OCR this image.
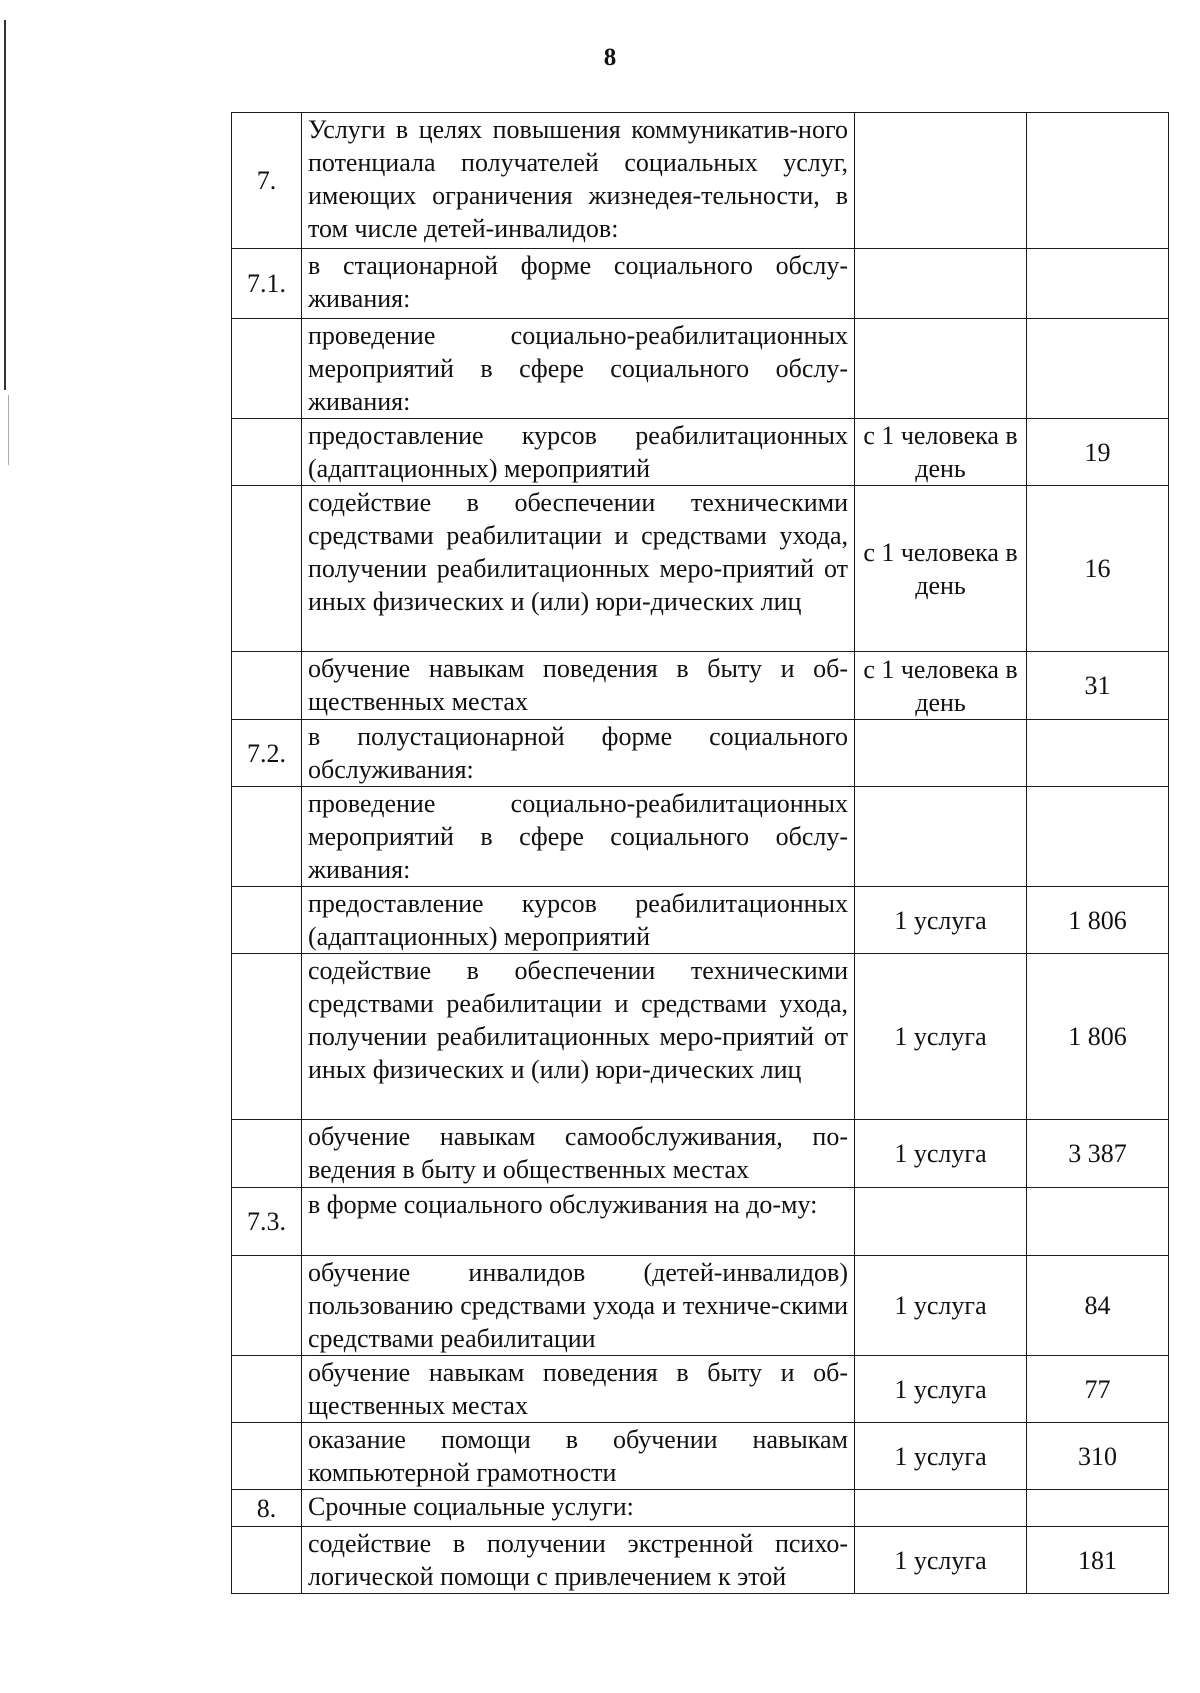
8
7.	Услуги в целях повышения коммуникатив-ного потенциала получателей социальных услуг, имеющих ограничения жизнедея-тельности, в том числе детей-инвалидов:		
7.1.	в стационарной форме социального обслу-живания:		
	проведение социально-реабилитационных мероприятий в сфере социального обслу-живания:		
	предоставление курсов реабилитационных (адаптационных) мероприятий	с 1 человека в день	19
	содействие в обеспечении техническими средствами реабилитации и средствами ухода, получении реабилитационных меро-приятий от иных физических и (или) юри-дических лиц	с 1 человека в день	16
	обучение навыкам поведения в быту и об-щественных местах	с 1 человека в день	31
7.2.	в полустационарной форме социального обслуживания:		
	проведение социально-реабилитационных мероприятий в сфере социального обслу-живания:		
	предоставление курсов реабилитационных (адаптационных) мероприятий	1 услуга	1 806
	содействие в обеспечении техническими средствами реабилитации и средствами ухода, получении реабилитационных меро-приятий от иных физических и (или) юри-дических лиц	1 услуга	1 806
	обучение навыкам самообслуживания, по-ведения в быту и общественных местах	1 услуга	3 387
7.3.	в форме социального обслуживания на до-му:		
	обучение инвалидов (детей-инвалидов) пользованию средствами ухода и техниче-скими средствами реабилитации	1 услуга	84
	обучение навыкам поведения в быту и об-щественных местах	1 услуга	77
	оказание помощи в обучении навыкам компьютерной грамотности	1 услуга	310
8.	Срочные социальные услуги:		
	содействие в получении экстренной психо-логической помощи с привлечением к этой	1 услуга	181
